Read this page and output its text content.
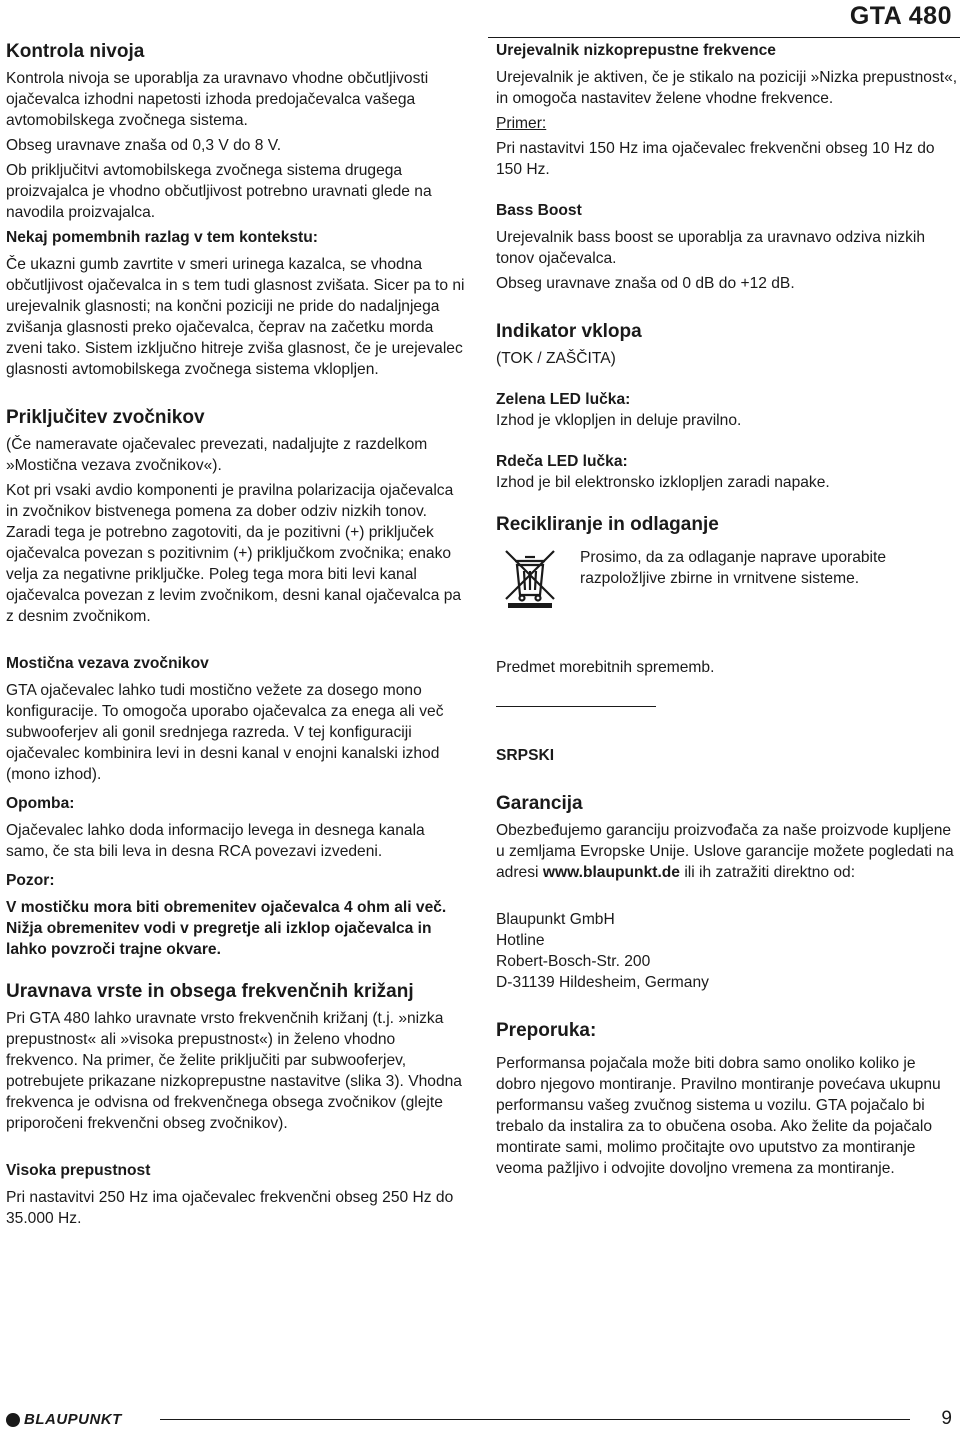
GTA 480
Kontrola nivoja

Kontrola nivoja se uporablja za uravnavo vhodne občutljivosti ojačevalca izhodni napetosti izhoda predojačevalca vašega avtomobilskega zvočnega sistema.

Obseg uravnave znaša od 0,3 V do 8 V.

Ob priključitvi avtomobilskega zvočnega sistema drugega proizvajalca je vhodno občutljivost potrebno uravnati glede na navodila proizvajalca.

Nekaj pomembnih razlag v tem kontekstu:

Če ukazni gumb zavrtite v smeri urinega kazalca, se vhodna občutljivost ojačevalca in s tem tudi glasnost zvišata. Sicer pa to ni urejevalnik glasnosti; na končni poziciji ne pride do nadaljnjega zvišanja glasnosti preko ojačevalca, čeprav na začetku morda zveni tako. Sistem izključno hitreje zviša glasnost, če je urejevalec glasnosti avtomobilskega zvočnega sistema vklopljen.

Priključitev zvočnikov

(Če nameravate ojačevalec prevezati, nadaljujte z razdelkom »Mostična vezava zvočnikov«).

Kot pri vsaki avdio komponenti je pravilna polarizacija ojačevalca in zvočnikov bistvenega pomena za dober odziv nizkih tonov. Zaradi tega je potrebno zagotoviti, da je pozitivni (+) priključek ojačevalca povezan s pozitivnim (+) priključkom zvočnika; enako velja za negativne priključke. Poleg tega mora biti levi kanal ojačevalca povezan z levim zvočnikom, desni kanal ojačevalca pa z desnim zvočnikom.

Mostična vezava zvočnikov

GTA ojačevalec lahko tudi mostično vežete za dosego mono konfiguracije. To omogoča uporabo ojačevalca za enega ali več subwooferjev ali gonil srednjega razreda. V tej konfiguraciji ojačevalec kombinira levi in desni kanal v enojni kanalski izhod (mono izhod).

Opomba:

Ojačevalec lahko doda informacijo levega in desnega kanala samo, če sta bili leva in desna RCA povezavi izvedeni.

Pozor:

V mostičku mora biti obremenitev ojačevalca 4 ohm ali več. Nižja obremenitev vodi v pregretje ali izklop ojačevalca in lahko povzroči trajne okvare.

Uravnava vrste in obsega frekvenčnih križanj

Pri GTA 480 lahko uravnate vrsto frekvenčnih križanj (t.j. »nizka prepustnost« ali »visoka prepustnost«) in želeno vhodno frekvenco. Na primer, če želite priključiti par subwooferjev, potrebujete prikazane nizkoprepustne nastavitve (slika 3). Vhodna frekvenca je odvisna od frekvenčnega obsega zvočnikov (glejte priporočeni frekvenčni obseg zvočnikov).

Visoka prepustnost

Pri nastavitvi 250 Hz ima ojačevalec frekvenčni obseg 250 Hz do 35.000 Hz.

Urejevalnik nizkoprepustne frekvence

Urejevalnik je aktiven, če je stikalo na poziciji »Nizka prepustnost«, in omogoča nastavitev želene vhodne frekvence.

Primer:

Pri nastavitvi 150 Hz ima ojačevalec frekvenčni obseg 10 Hz do 150 Hz.

Bass Boost

Urejevalnik bass boost se uporablja za uravnavo odziva nizkih tonov ojačevalca.

Obseg uravnave znaša od 0 dB do +12 dB.

Indikator vklopa

(TOK / ZAŠČITA)

Zelena LED lučka:

Izhod je vklopljen in deluje pravilno.

Rdeča LED lučka:

Izhod je bil elektronsko izklopljen zaradi napake.

Recikliranje in odlaganje

Prosimo, da za odlaganje naprave uporabite razpoložljive zbirne in vrnitvene sisteme.

Predmet morebitnih sprememb.

SRPSKI

Garancija

Obezbeđujemo garanciju proizvođača za naše proizvode kupljene u zemljama Evropske Unije. Uslove garancije možete pogledati na adresi www.blaupunkt.de ili ih zatražiti direktno od:

Blaupunkt GmbH
Hotline
Robert-Bosch-Str. 200
D-31139 Hildesheim, Germany
Preporuka:

Performansa pojačala može biti dobra samo onoliko koliko je dobro njegovo montiranje. Pravilno montiranje povećava ukupnu performansu vašeg zvučnog sistema u vozilu. GTA pojačalo bi trebalo da instalira za to obučena osoba. Ako želite da pojačalo montirate sami, molimo pročitajte ovo uputstvo za montiranje veoma pažljivo i odvojite dovoljno vremena za montiranje.

BLAUPUNKT	9
